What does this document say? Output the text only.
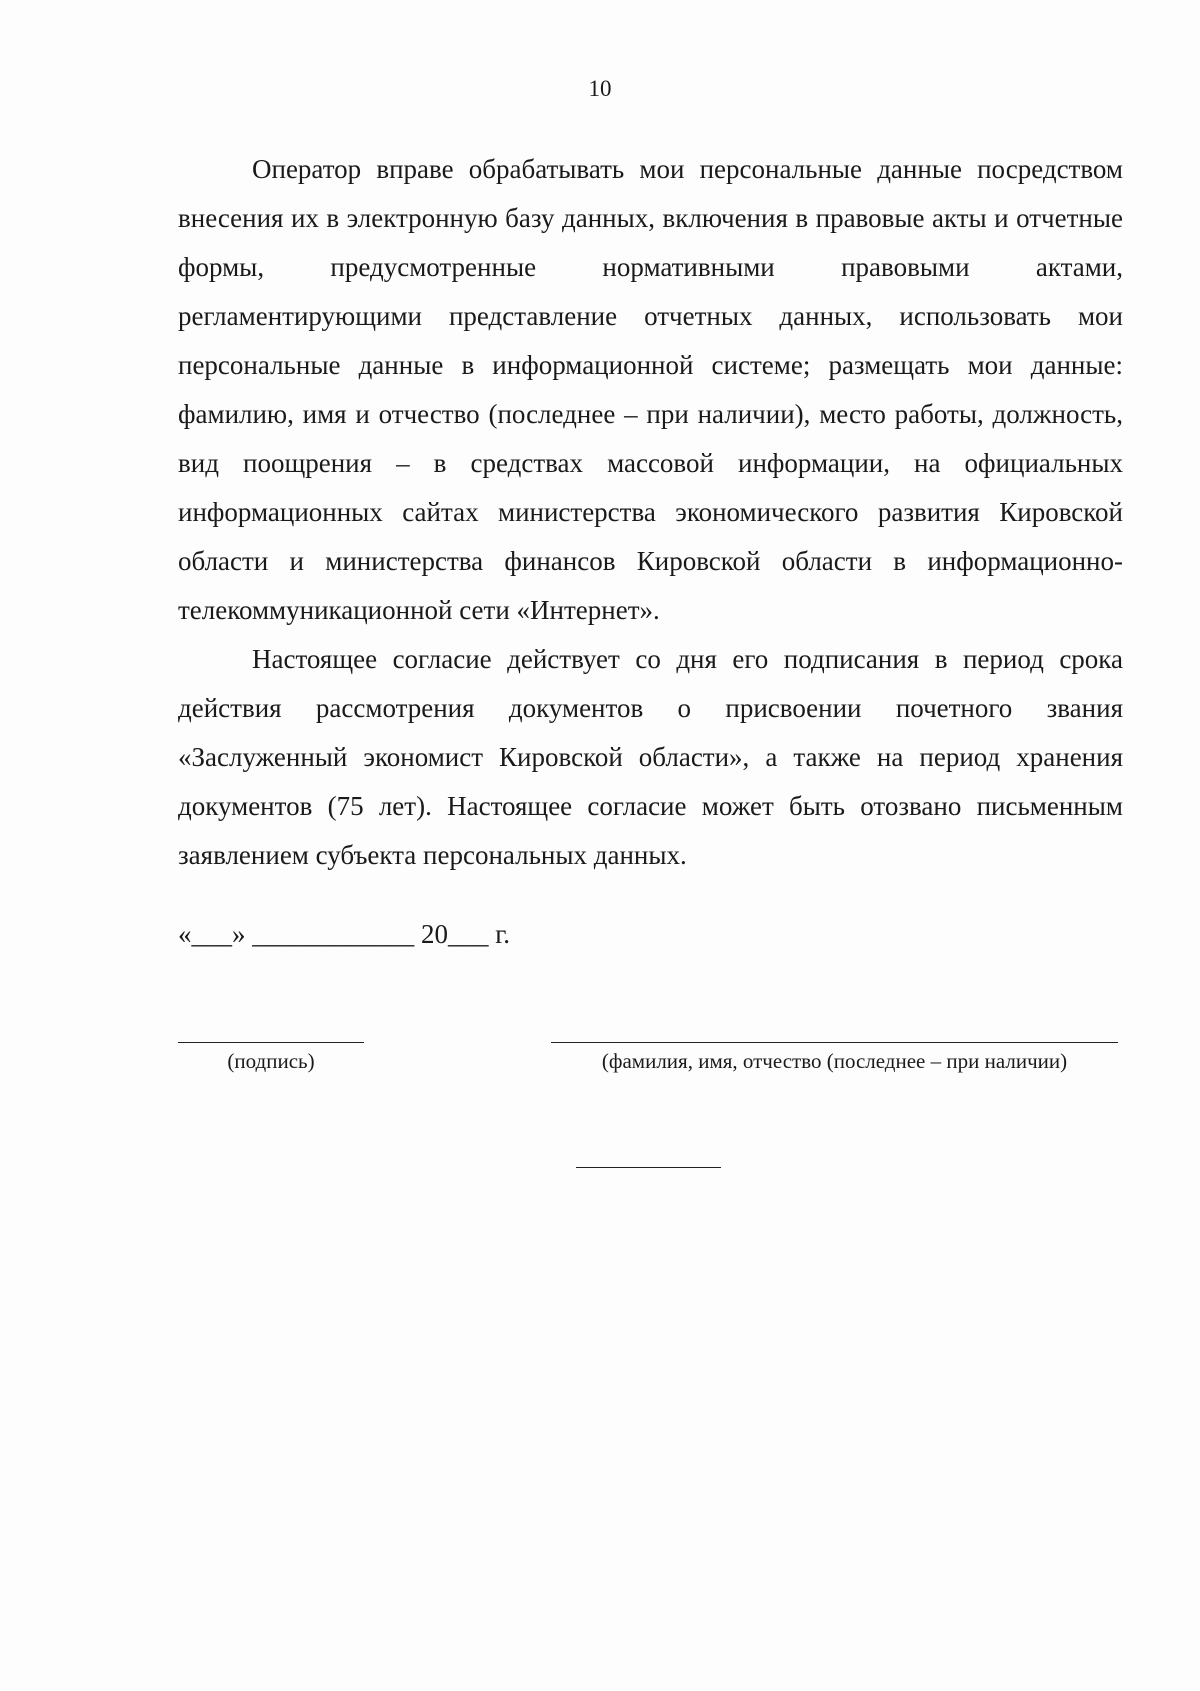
10

Оператор вправе обрабатывать мои персональные данные посредством внесения их в электронную базу данных, включения в правовые акты и отчетные формы, предусмотренные нормативными правовыми актами, регламентирующими представление отчетных данных, использовать мои персональные данные в информационной системе; размещать мои данные: фамилию, имя и отчество (последнее – при наличии), место работы, должность, вид поощрения – в средствах массовой информации, на официальных информационных сайтах министерства экономического развития Кировской области и министерства финансов Кировской области в информационно-телекоммуникационной сети «Интернет».

Настоящее согласие действует со дня его подписания в период срока действия рассмотрения документов о присвоении почетного звания «Заслуженный экономист Кировской области», а также на период хранения документов (75 лет). Настоящее согласие может быть отозвано письменным заявлением субъекта персональных данных.

«___» ____________ 20___ г.
(подпись)	(фамилия, имя, отчество (последнее – при наличии)
